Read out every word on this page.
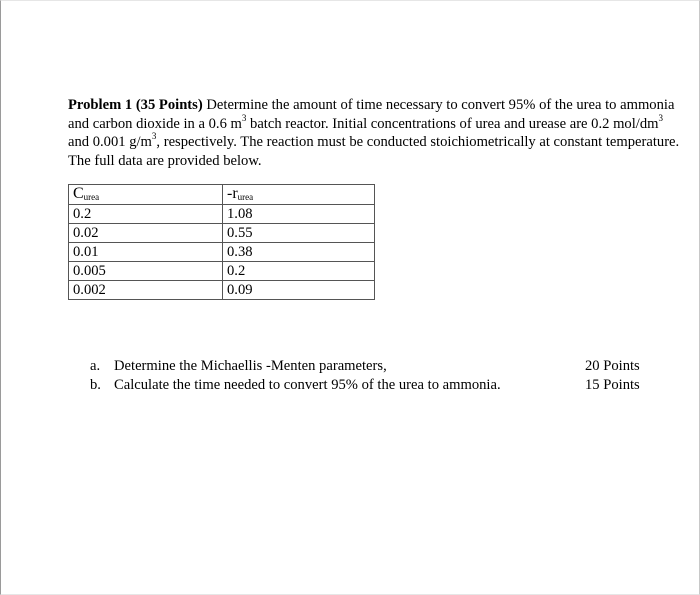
Problem 1 (35 Points) Determine the amount of time necessary to convert 95% of the urea to ammonia and carbon dioxide in a 0.6 $m^3$ batch reactor. Initial concentrations of urea and urease are 0.2 mol/$dm^3$ and 0.001 $g/m^3$, respectively. The reaction must be conducted stoichiometrically at constant temperature. The full data are provided below.
Curea	-rurea
0.2	1.08
0.02	0.55
0.01	0.38
0.005	0.2
0.002	0.09
a. Determine the Michaellis -Menten parameters,
b. Calculate the time needed to convert 95% of the urea to ammonia.
20 Points
15 Points
